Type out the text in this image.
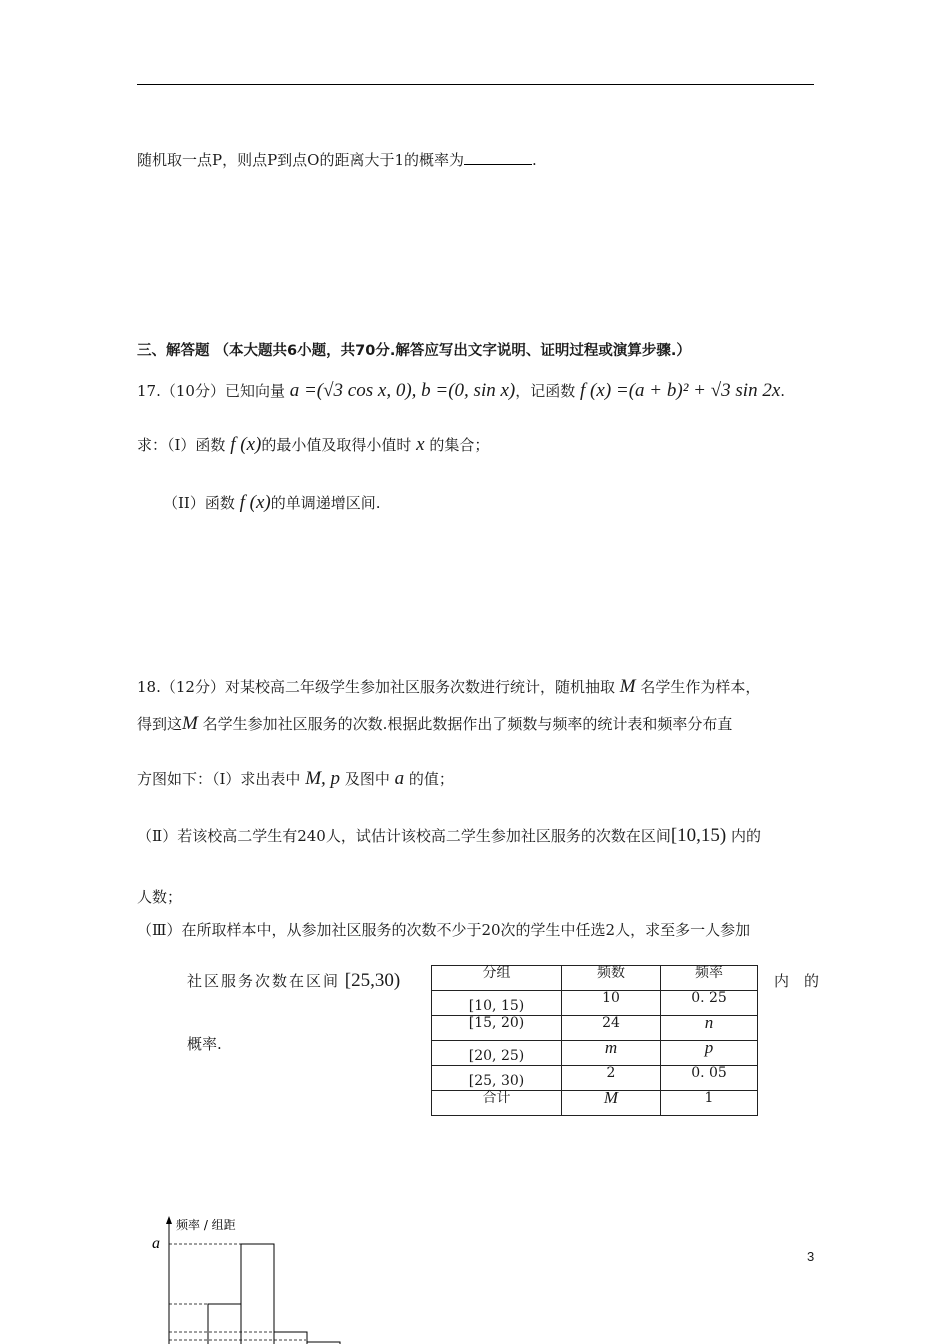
随机取一点P，则点P到点O的距离大于1的概率为	.
三、解答题 （本大题共6小题，共70分.解答应写出文字说明、证明过程或演算步骤.）
17.（10分）已知向量 a =(√3 cos x, 0), b =(0, sin x)，记函数 f (x) =(a + b)² + √3 sin 2x.
求：（I）函数 f (x)的最小值及取得小值时 x 的集合；
（II）函数 f (x)的单调递增区间.
18.（12分）对某校高二年级学生参加社区服务次数进行统计，随机抽取 M 名学生作为样本，
得到这M 名学生参加社区服务的次数.根据此数据作出了频数与频率的统计表和频率分布直
方图如下：（Ⅰ）求出表中 M, p 及图中 a 的值；
（Ⅱ）若该校高二学生有240人，试估计该校高二学生参加社区服务的次数在区间[10,15) 内的
人数；
（Ⅲ）在所取样本中，从参加社区服务的次数不少于20次的学生中任选2人，求至多一人参加
社区服务次数在区间 [25,30)	内　的
概率.
分组	频数	频率
[10, 15)	10	0. 25
[15, 20)	24	n
[20, 25)	m	p
[25, 30)	2	0. 05
合计	M	1
频率 / 组距
a
3
